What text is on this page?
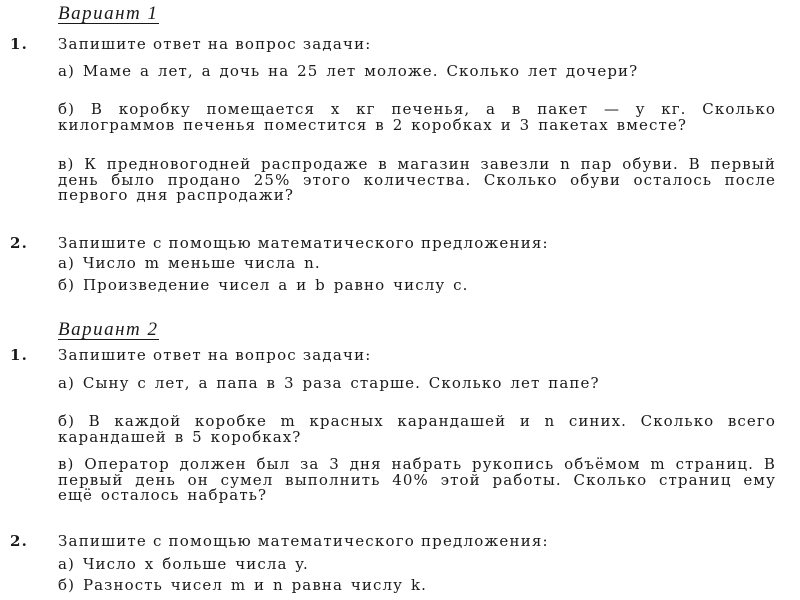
Вариант 1
1.	Запишите ответ на вопрос задачи:
а) Маме a лет, а дочь на 25 лет моложе. Сколько лет дочери?
б) В коробку помещается x кг печенья, а в пакет — y кг. Сколько килограммов печенья поместится в 2 коробках и 3 пакетах вместе?
в) К предновогодней распродаже в магазин завезли n пар обуви. В первый день было продано 25% этого количества. Сколько обуви осталось после первого дня распродажи?
2.	Запишите с помощью математического предложения:
а) Число m меньше числа n.
б) Произведение чисел a и b равно числу c.
Вариант 2
1.	Запишите ответ на вопрос задачи:
а) Сыну c лет, а папа в 3 раза старше. Сколько лет папе?
б) В каждой коробке m красных карандашей и n синих. Сколько всего карандашей в 5 коробках?
в) Оператор должен был за 3 дня набрать рукопись объёмом m страниц. В первый день он сумел выполнить 40% этой работы. Сколько страниц ему ещё осталось набрать?
2.	Запишите с помощью математического предложения:
а) Число x больше числа y.
б) Разность чисел m и n равна числу k.
